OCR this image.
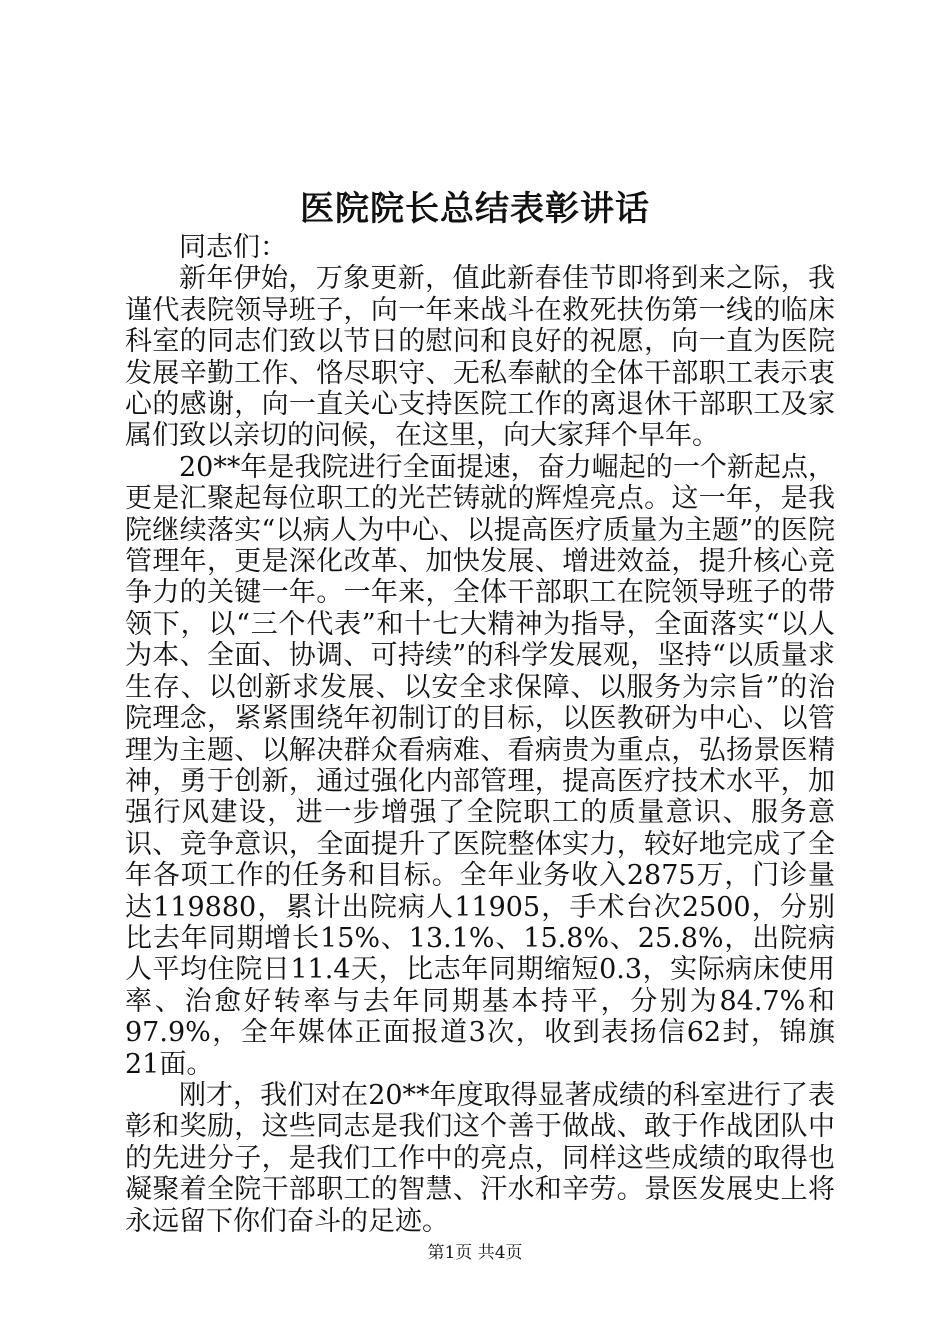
医院院长总结表彰讲话

同志们：

新年伊始，万象更新，值此新春佳节即将到来之际，我谨代表院领导班子，向一年来战斗在救死扶伤第一线的临床科室的同志们致以节日的慰问和良好的祝愿，向一直为医院发展辛勤工作、恪尽职守、无私奉献的全体干部职工表示衷心的感谢，向一直关心支持医院工作的离退休干部职工及家属们致以亲切的问候，在这里，向大家拜个早年。

20**年是我院进行全面提速，奋力崛起的一个新起点，更是汇聚起每位职工的光芒铸就的辉煌亮点。这一年，是我院继续落实“以病人为中心、以提高医疗质量为主题”的医院管理年，更是深化改革、加快发展、增进效益，提升核心竞争力的关键一年。一年来，全体干部职工在院领导班子的带领下，以“三个代表”和十七大精神为指导，全面落实“以人为本、全面、协调、可持续”的科学发展观，坚持“以质量求生存、以创新求发展、以安全求保障、以服务为宗旨”的治院理念，紧紧围绕年初制订的目标，以医教研为中心、以管理为主题、以解决群众看病难、看病贵为重点，弘扬景医精神，勇于创新，通过强化内部管理，提高医疗技术水平，加强行风建设，进一步增强了全院职工的质量意识、服务意识、竞争意识，全面提升了医院整体实力，较好地完成了全年各项工作的任务和目标。全年业务收入2875万，门诊量达119880，累计出院病人11905，手术台次2500，分别比去年同期增长15%、13.1%、15.8%、25.8%，出院病人平均住院日11.4天，比志年同期缩短0.3，实际病床使用率、治愈好转率与去年同期基本持平，分别为84.7%和97.9%，全年媒体正面报道3次，收到表扬信62封，锦旗21面。

刚才，我们对在20**年度取得显著成绩的科室进行了表彰和奖励，这些同志是我们这个善于做战、敢于作战团队中的先进分子，是我们工作中的亮点，同样这些成绩的取得也凝聚着全院干部职工的智慧、汗水和辛劳。景医发展史上将永远留下你们奋斗的足迹。

第1页 共4页
